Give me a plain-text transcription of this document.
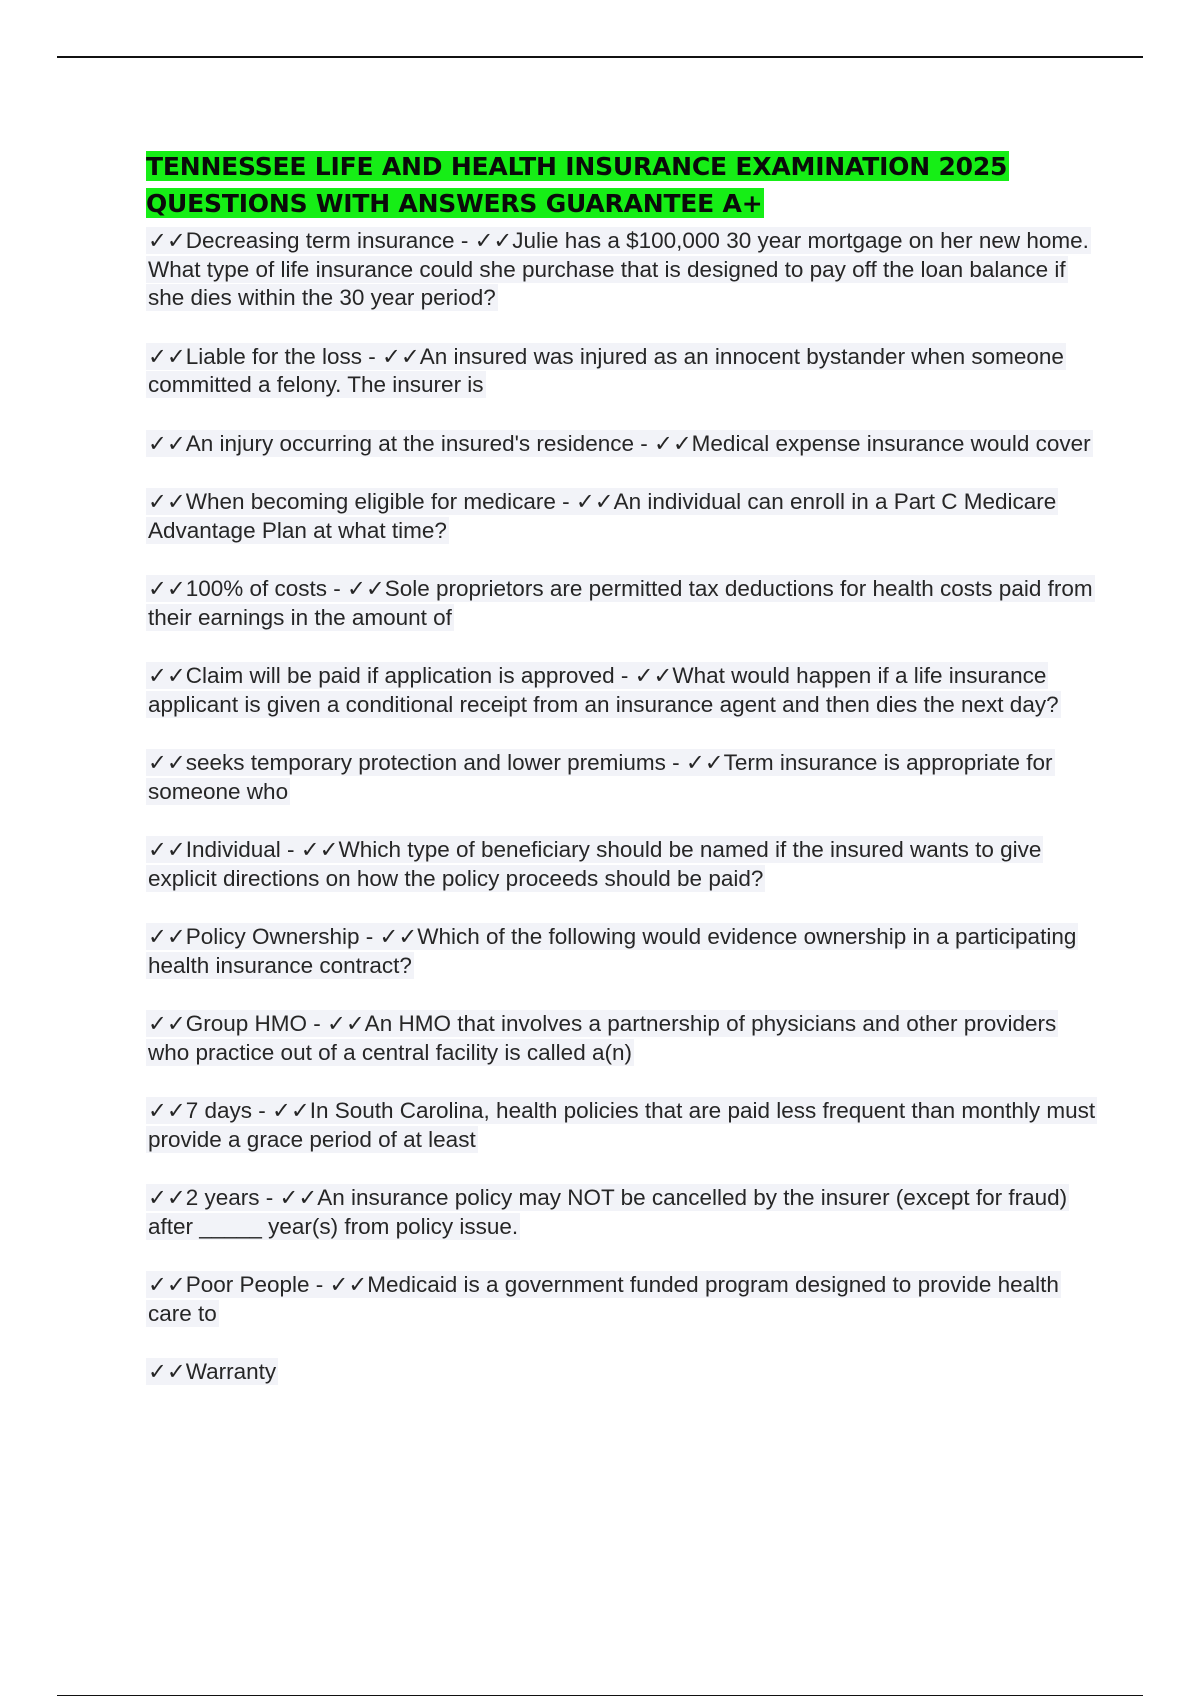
TENNESSEE LIFE AND HEALTH INSURANCE EXAMINATION 2025 QUESTIONS WITH ANSWERS GUARANTEE A+
✓✓Decreasing term insurance - ✓✓Julie has a $100,000 30 year mortgage on her new home. What type of life insurance could she purchase that is designed to pay off the loan balance if she dies within the 30 year period?
✓✓Liable for the loss - ✓✓An insured was injured as an innocent bystander when someone committed a felony. The insurer is
✓✓An injury occurring at the insured's residence - ✓✓Medical expense insurance would cover
✓✓When becoming eligible for medicare - ✓✓An individual can enroll in a Part C Medicare Advantage Plan at what time?
✓✓100% of costs - ✓✓Sole proprietors are permitted tax deductions for health costs paid from their earnings in the amount of
✓✓Claim will be paid if application is approved - ✓✓What would happen if a life insurance applicant is given a conditional receipt from an insurance agent and then dies the next day?
✓✓seeks temporary protection and lower premiums - ✓✓Term insurance is appropriate for someone who
✓✓Individual - ✓✓Which type of beneficiary should be named if the insured wants to give explicit directions on how the policy proceeds should be paid?
✓✓Policy Ownership - ✓✓Which of the following would evidence ownership in a participating health insurance contract?
✓✓Group HMO - ✓✓An HMO that involves a partnership of physicians and other providers who practice out of a central facility is called a(n)
✓✓7 days - ✓✓In South Carolina, health policies that are paid less frequent than monthly must provide a grace period of at least
✓✓2 years - ✓✓An insurance policy may NOT be cancelled by the insurer (except for fraud) after _____ year(s) from policy issue.
✓✓Poor People - ✓✓Medicaid is a government funded program designed to provide health care to
✓✓Warranty
